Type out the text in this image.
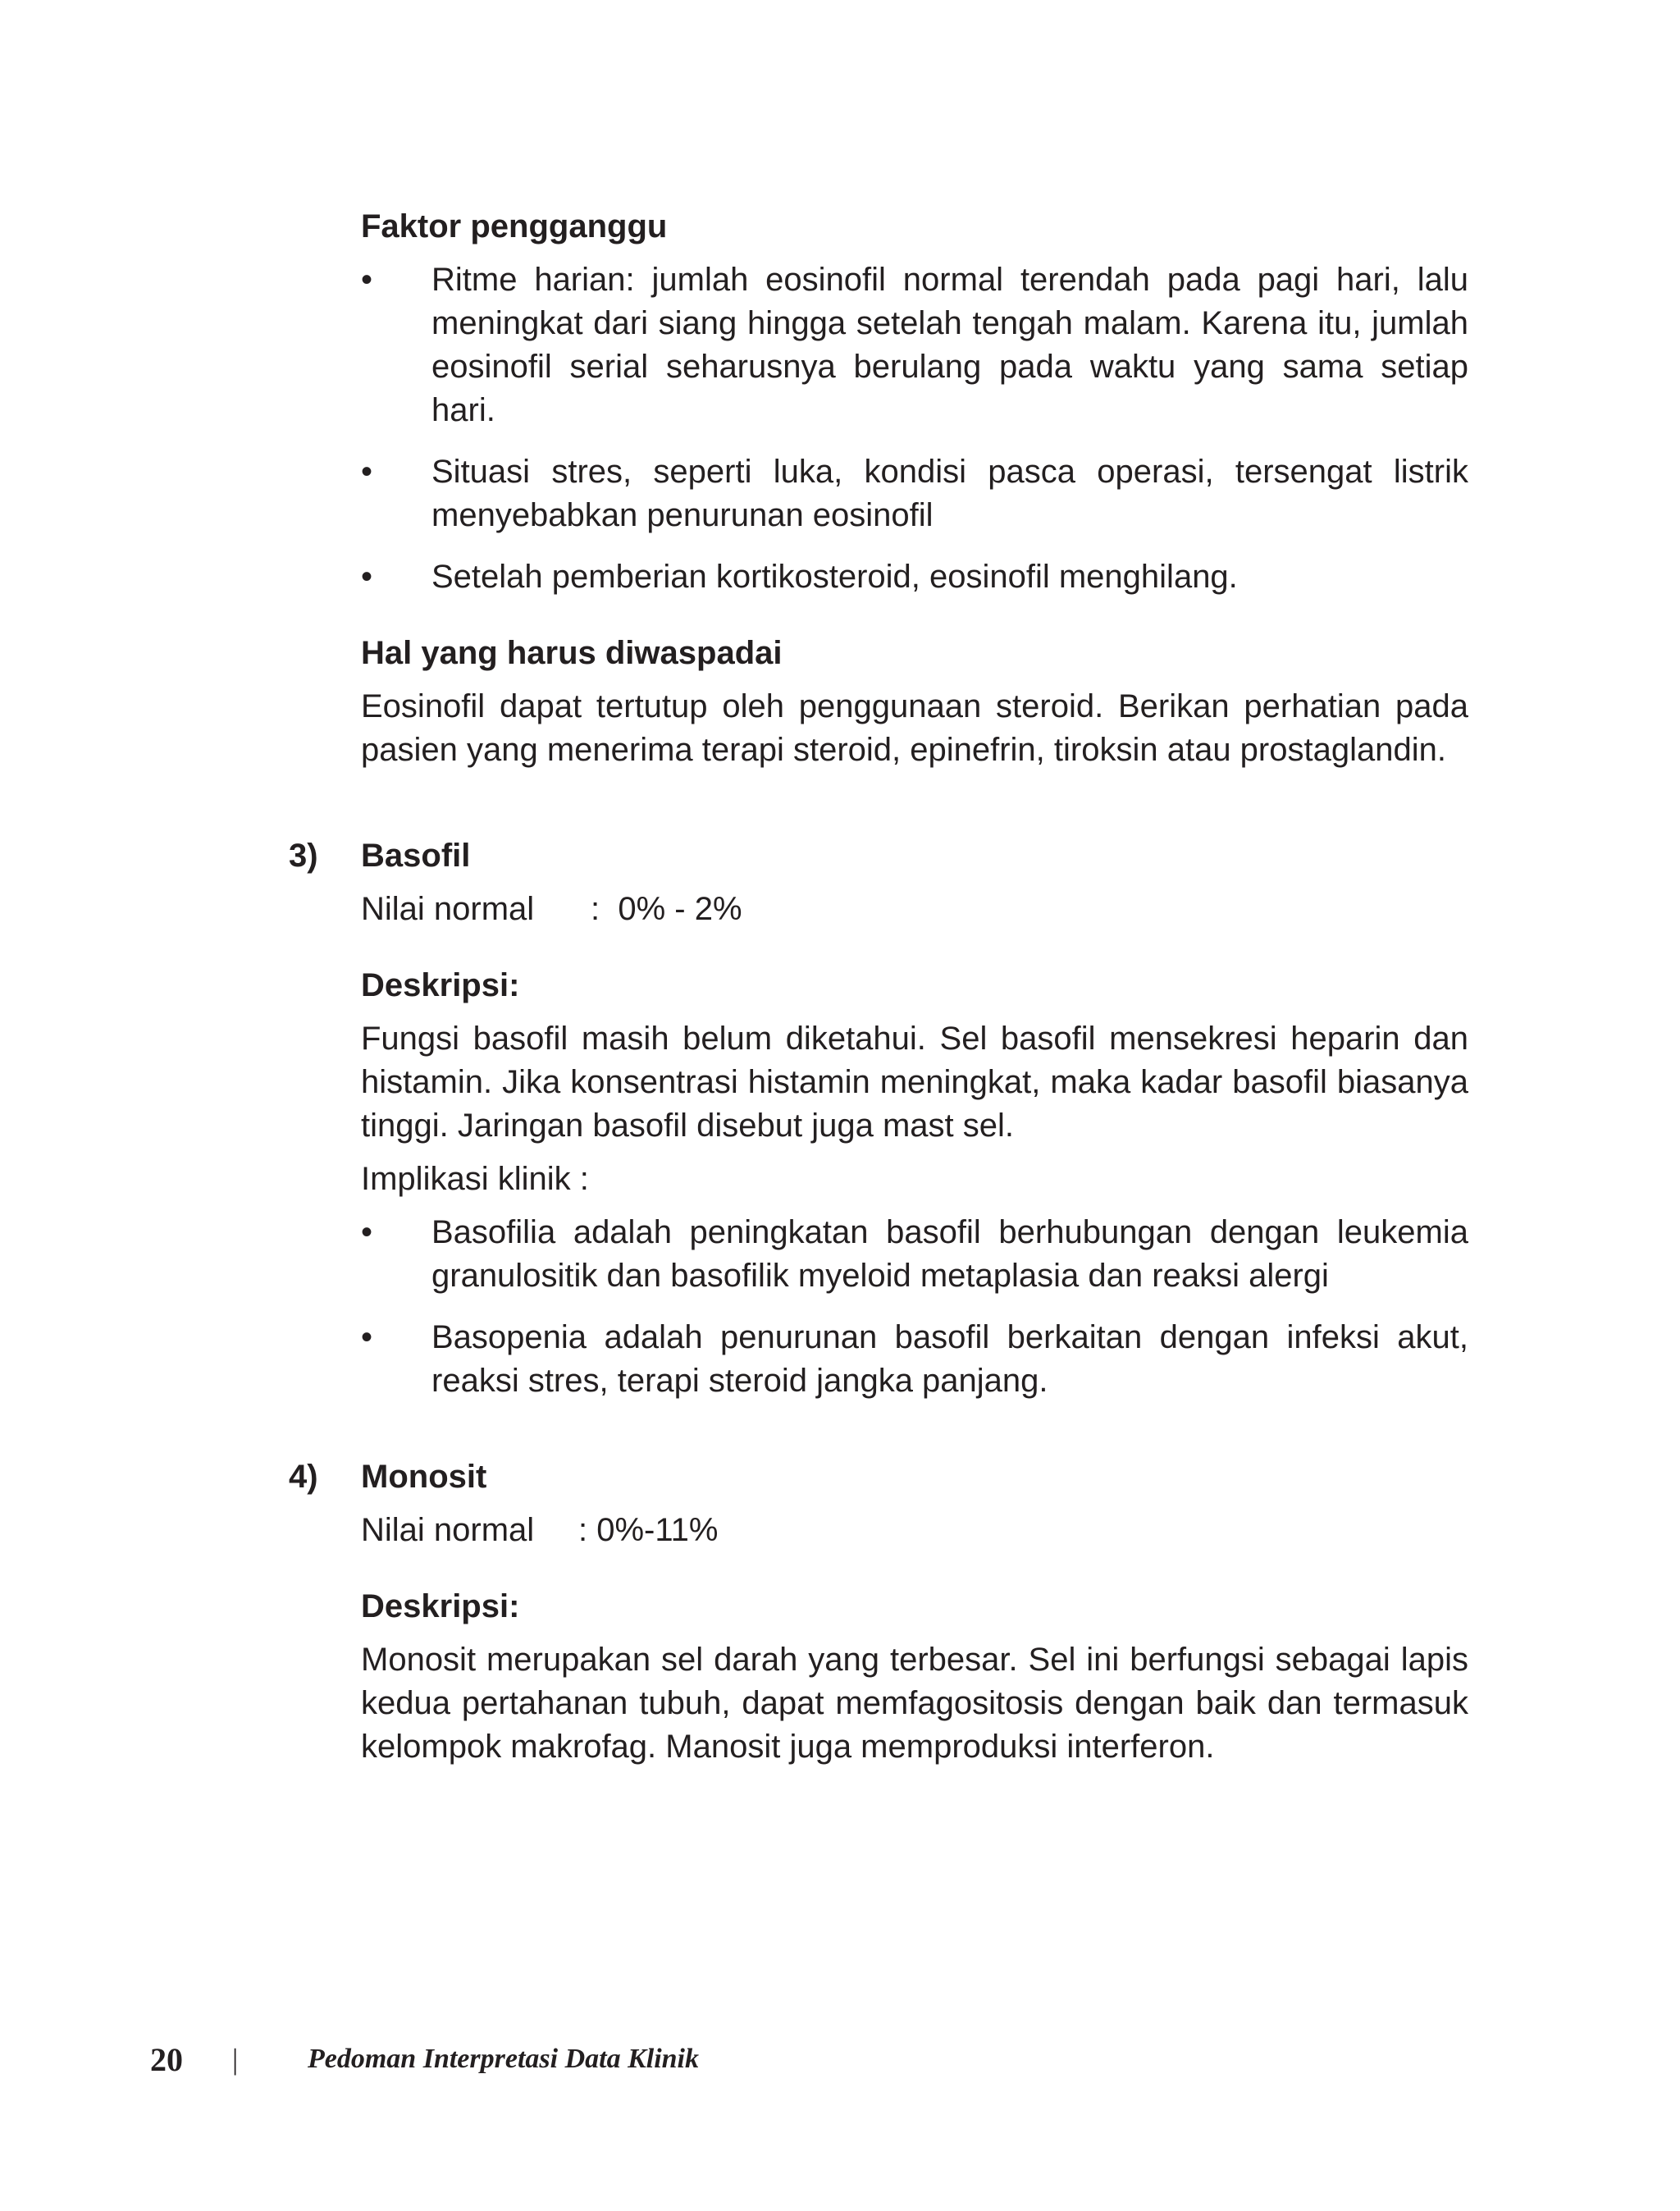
Faktor pengganggu

• Ritme harian: jumlah eosinofil normal terendah pada pagi hari, lalu meningkat dari siang hingga setelah tengah malam. Karena itu, jumlah eosinofil serial seharusnya berulang pada waktu yang sama setiap hari.
• Situasi stres, seperti luka, kondisi pasca operasi, tersengat listrik menyebabkan penurunan eosinofil
• Setelah pemberian kortikosteroid, eosinofil menghilang.

Hal yang harus diwaspadai

Eosinofil dapat tertutup oleh penggunaan steroid. Berikan perhatian pada pasien yang menerima terapi steroid, epinefrin, tiroksin atau prostaglandin.

3) Basofil

Nilai normal :  0% - 2%

Deskripsi:

Fungsi basofil masih belum diketahui. Sel basofil mensekresi heparin dan histamin. Jika konsentrasi histamin meningkat, maka kadar basofil biasanya tinggi. Jaringan basofil disebut juga mast sel.

Implikasi klinik :

• Basofilia adalah peningkatan basofil berhubungan dengan leukemia granulositik dan basofilik myeloid metaplasia dan reaksi alergi
• Basopenia adalah penurunan basofil berkaitan dengan infeksi akut, reaksi stres, terapi steroid jangka panjang.
4) Monosit

Nilai normal : 0%-11%

Deskripsi:

Monosit merupakan sel darah yang terbesar. Sel ini berfungsi sebagai lapis kedua pertahanan tubuh, dapat memfagositosis dengan baik dan termasuk kelompok makrofag. Manosit juga memproduksi interferon.

20	|	Pedoman Interpretasi Data Klinik
